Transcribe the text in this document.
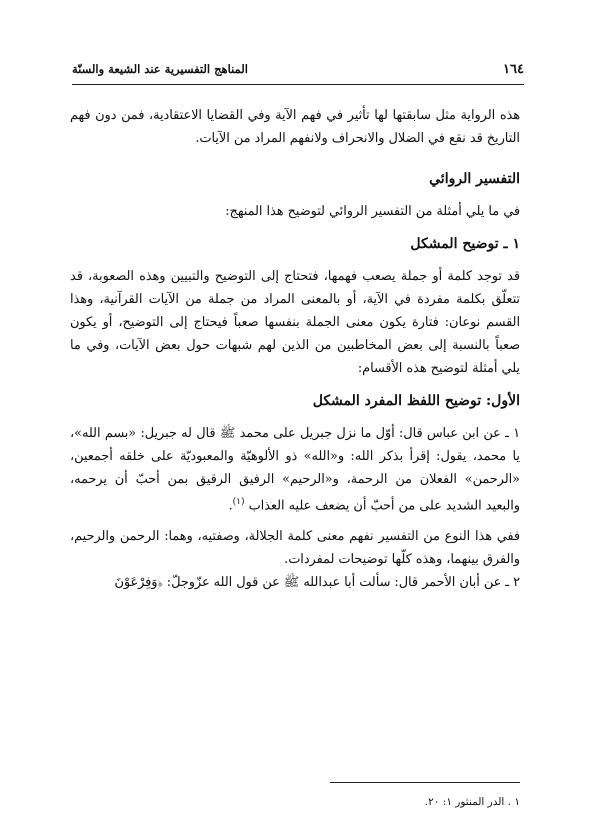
١٦٤
المناهج التفسيرية عند الشيعة والسنّة

هذه الرواية مثل سابقتها لها تأثير في فهم الآية وفي القضايا الاعتقادية، فمن دون فهم التاريخ قد نقع في الضلال والانحراف ولانفهم المراد من الآيات.

التفسير الروائي

في ما يلي أمثلة من التفسير الروائي لتوضيح هذا المنهج:

١ ـ توضيح المشكل

قد توجد كلمة أو جملة يصعب فهمها، فتحتاج إلى التوضيح والتبيين وهذه الصعوبة، قد تتعلّق بكلمة مفردة في الآية، أو بالمعنى المراد من جملة من الآيات القرآنية، وهذا القسم نوعان: فتارة يكون معنى الجملة بنفسها صعباً فيحتاج إلى التوضيح، أو يكون صعباً بالنسبة إلى بعض المخاطبين من الذين لهم شبهات حول بعض الآيات، وفي ما يلي أمثلة لتوضيح هذه الأقسام:

الأول: توضيح اللفظ المفرد المشكل

١ ـ عن ابن عباس قال: أوّل ما نزل جبريل على محمد ﷺ قال له جبريل: «بسم الله»، يا محمد، يقول: إقرأ بذكر الله: و«الله» ذو الألوهيّة والمعبوديّة على خلقه أجمعين، «الرحمن» الفعلان من الرحمة، و«الرحيم» الرفيق الرقيق بمن أحبّ أن يرحمه، والبعيد الشديد على من أحبّ أن يضعف عليه العذاب $^{(١)}$.

ففي هذا النوع من التفسير نفهم معنى كلمة الجلالة، وصفتيه، وهما: الرحمن والرحيم، والفرق بينهما، وهذه كلّها توضيحات لمفردات.

٢ ـ عن أبان الأحمر قال: سألت أبا عبدالله ﷺ عن قول الله عزّوجلّ: ﴿وَفِرْعَوْنَ

١ . الدر المنثور ١: ٢٠.
